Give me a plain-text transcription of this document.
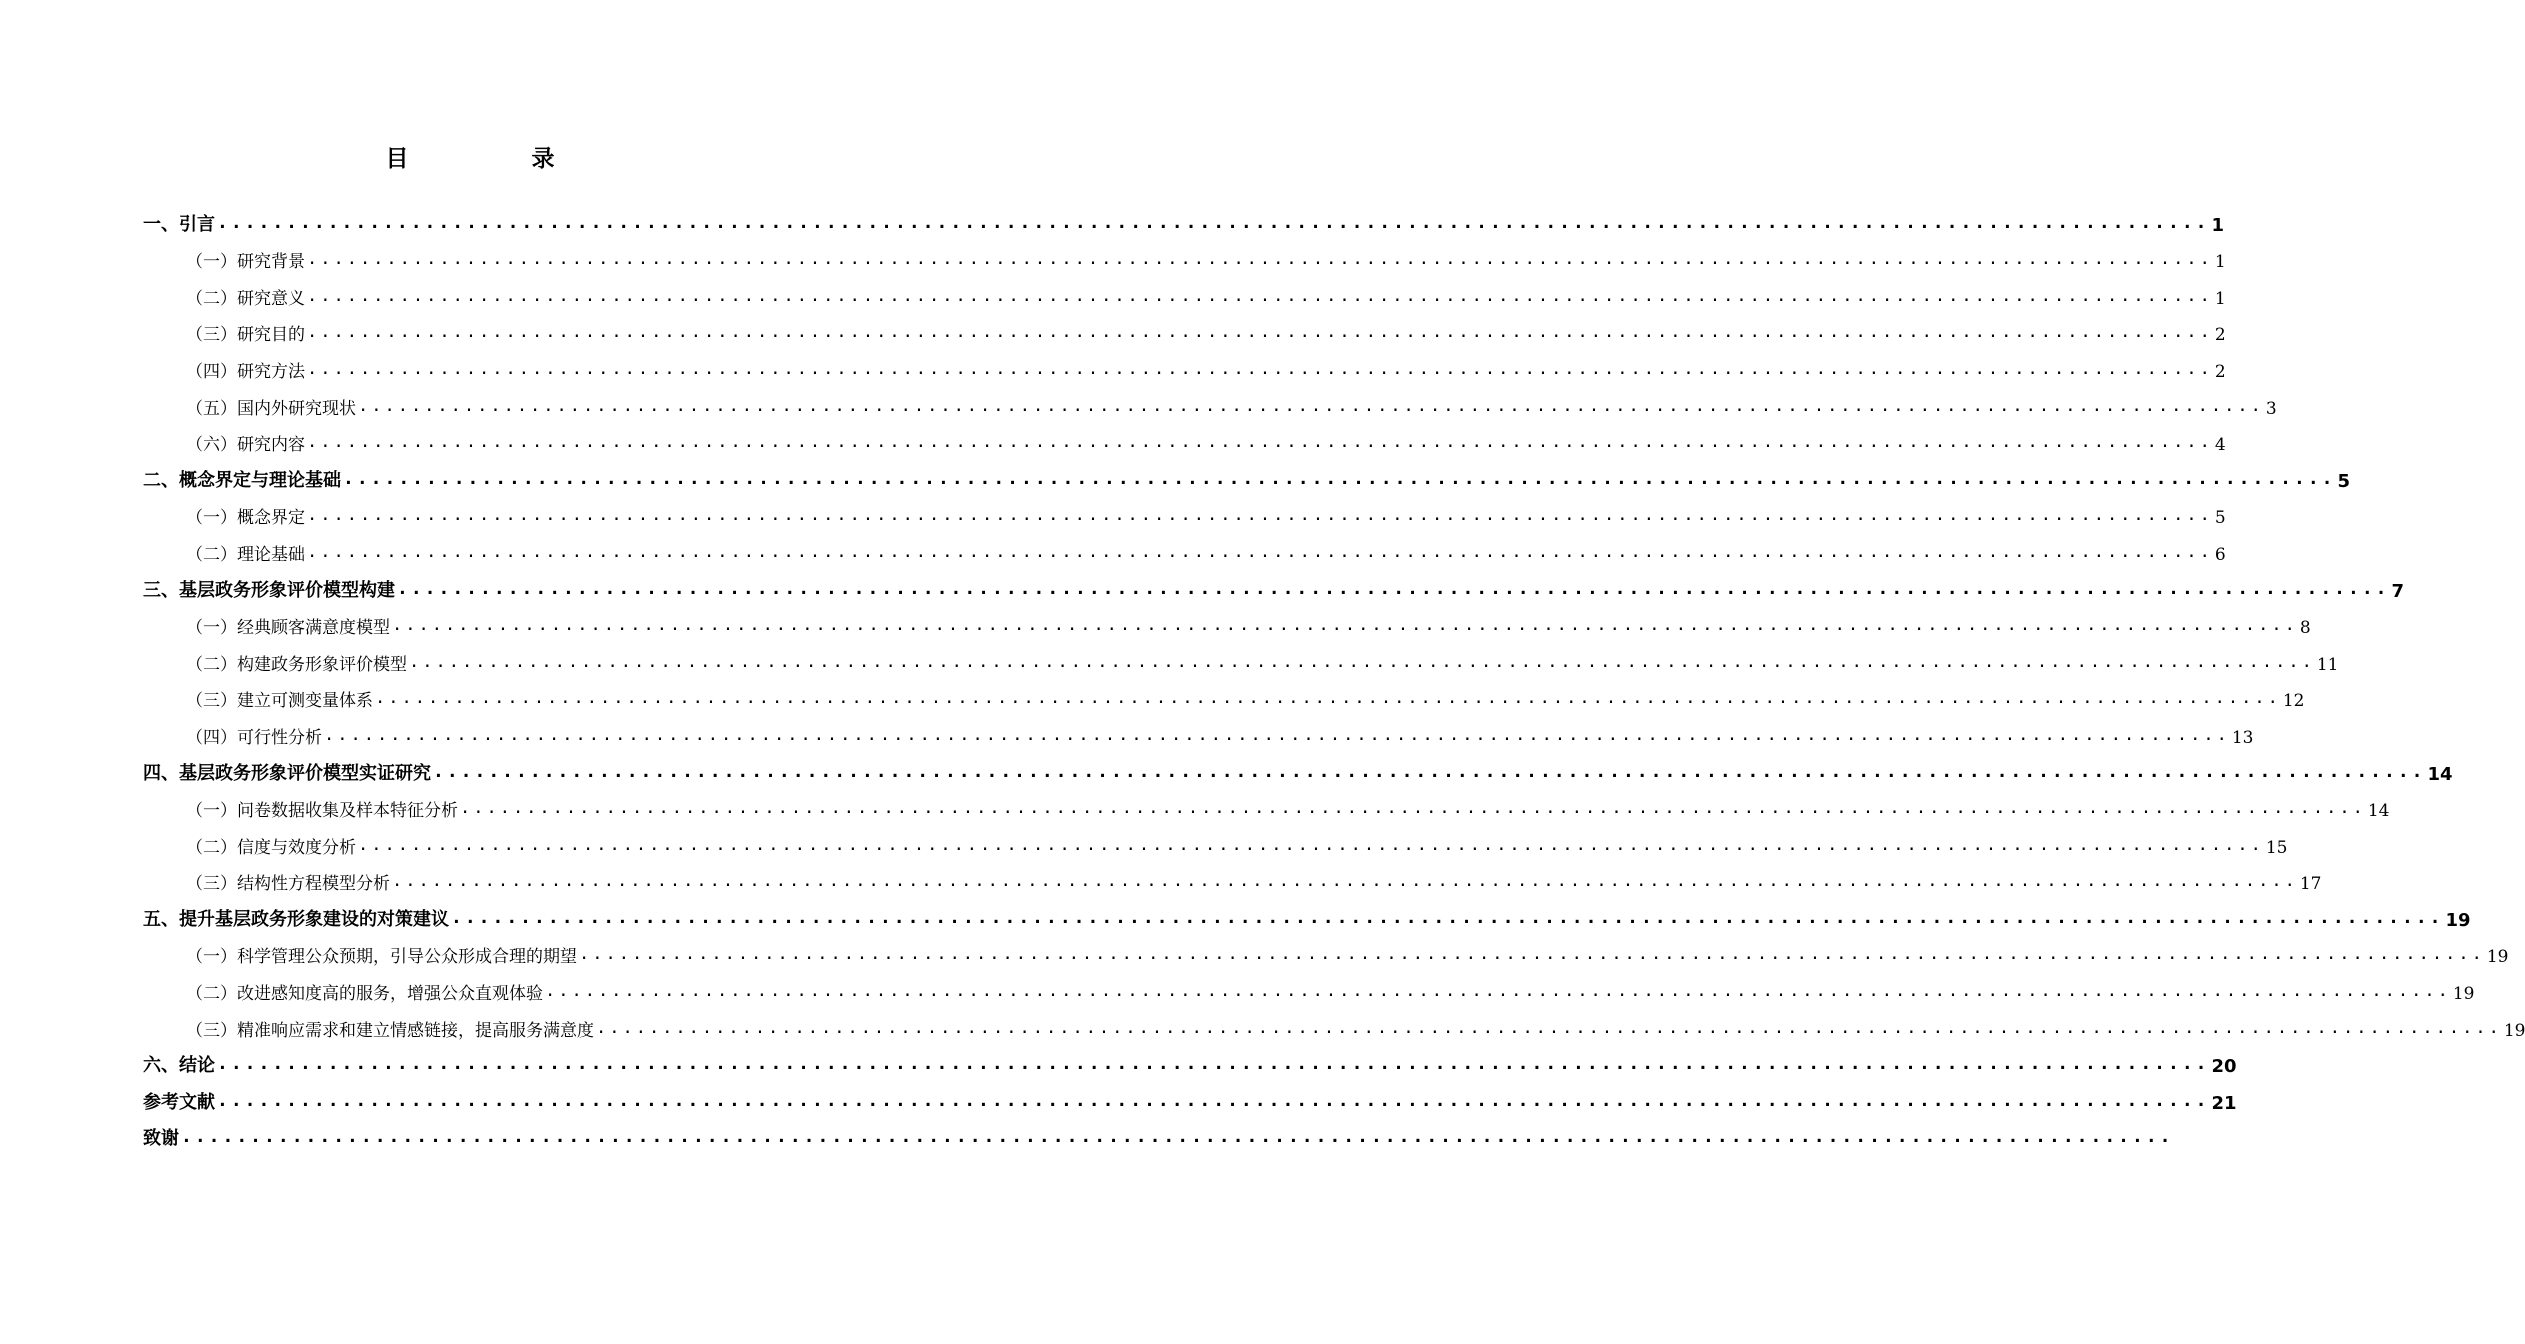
目　录
一、 引言 ................................................................................................................................................ 1
（一）研究背景 ................................................................................................................................................ 1
（二）研究意义 ................................................................................................................................................ 1
（三）研究目的 ................................................................................................................................................ 2
（四）研究方法 ................................................................................................................................................ 2
（五）国内外研究现状 ................................................................................................................................................ 3
（六）研究内容 ................................................................................................................................................ 4
二、 概念界定与理论基础 ................................................................................................................................................ 5
（一）概念界定 ................................................................................................................................................ 5
（二）理论基础 ................................................................................................................................................ 6
三、 基层政务形象评价模型构建 ................................................................................................................................................ 7
（一）经典顾客满意度模型 ................................................................................................................................................ 8
（二）构建政务形象评价模型 ................................................................................................................................................ 11
（三）建立可测变量体系 ................................................................................................................................................ 12
（四）可行性分析 ................................................................................................................................................ 13
四、 基层政务形象评价模型实证研究 ................................................................................................................................................ 14
（一）问卷数据收集及样本特征分析 ................................................................................................................................................ 14
（二）信度与效度分析 ................................................................................................................................................ 15
（三）结构性方程模型分析 ................................................................................................................................................ 17
五、 提升基层政务形象建设的对策建议 ................................................................................................................................................ 19
（一）科学管理公众预期，引导公众形成合理的期望 ................................................................................................................................................ 19
（二）改进感知度高的服务，增强公众直观体验 ................................................................................................................................................ 19
（三）精准响应需求和建立情感链接，提高服务满意度 ................................................................................................................................................ 19
六、 结论 ................................................................................................................................................ 20
参考文献 ................................................................................................................................................ 21
致谢 ................................................................................................................................................
